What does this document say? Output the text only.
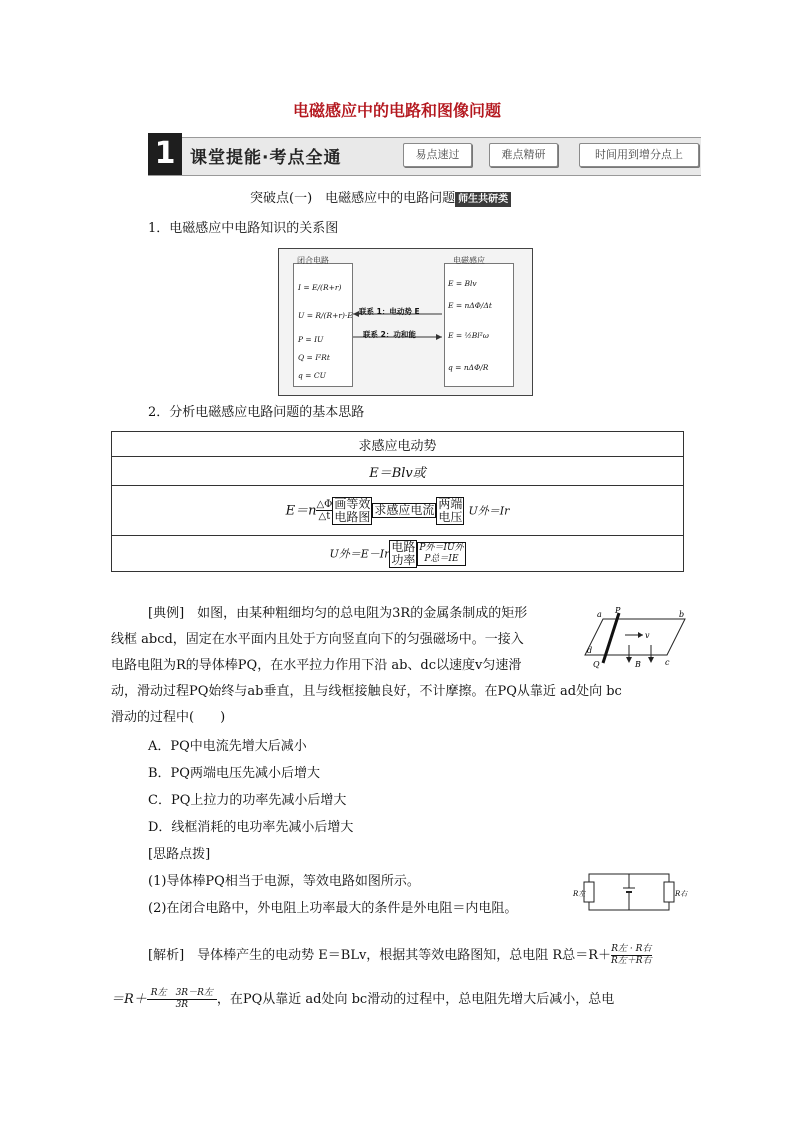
电磁感应中的电路和图像问题
1 课堂提能·考点全通	易点速过	难点精研	时间用到增分点上
突破点(一)　电磁感应中的电路问题 师生共研类
1．电磁感应中电路知识的关系图
闭合电路	电磁感应
I = E/(R+r)
U = R/(R+r)·E
P = IU
Q = I²Rt
q = CU
E = Blv
E = nΔΦ/Δt
E = ½Bl²ω
q = nΔΦ/R
联系 1：电动势 E
联系 2：功和能
2．分析电磁感应电路问题的基本思路
求感应电动势
E＝Blv或
$E=n \frac{\triangle\Phi}{\triangle t}$ 画等效
电路图 求感应电流 两端
电压 U外＝Ir
U外＝E－Ir 电路
功率
P外＝IU外
P总＝IE
[典例]　如图，由某种粗细均匀的总电阻为3R的金属条制成的矩形
线框 abcd，固定在水平面内且处于方向竖直向下的匀强磁场中。一接入
电路电阻为R的导体棒PQ，在水平拉力作用下沿 ab、dc以速度v匀速滑
动，滑动过程PQ始终与ab垂直，且与线框接触良好，不计摩擦。在PQ从靠近 ad处向 bc
滑动的过程中(　　)
a	b
c
d
P
Q	B
v
A．PQ中电流先增大后减小
B．PQ两端电压先减小后增大
C．PQ上拉力的功率先减小后增大
D．线框消耗的电功率先减小后增大
[思路点拨]
(1)导体棒PQ相当于电源，等效电路如图所示。
(2)在闭合电路中，外电阻上功率最大的条件是外电阻＝内电阻。
R左	R右
[解析]　导体棒产生的电动势 E＝BLv，根据其等效电路图知，总电阻 R总$=R+ \frac{\text{R左 · R右}}{\text{R左＋R右}}$
$=R+ \frac{\text{R左　3R－R左}}{3R}$，在PQ从靠近 ad处向 bc滑动的过程中，总电阻先增大后减小，总电
